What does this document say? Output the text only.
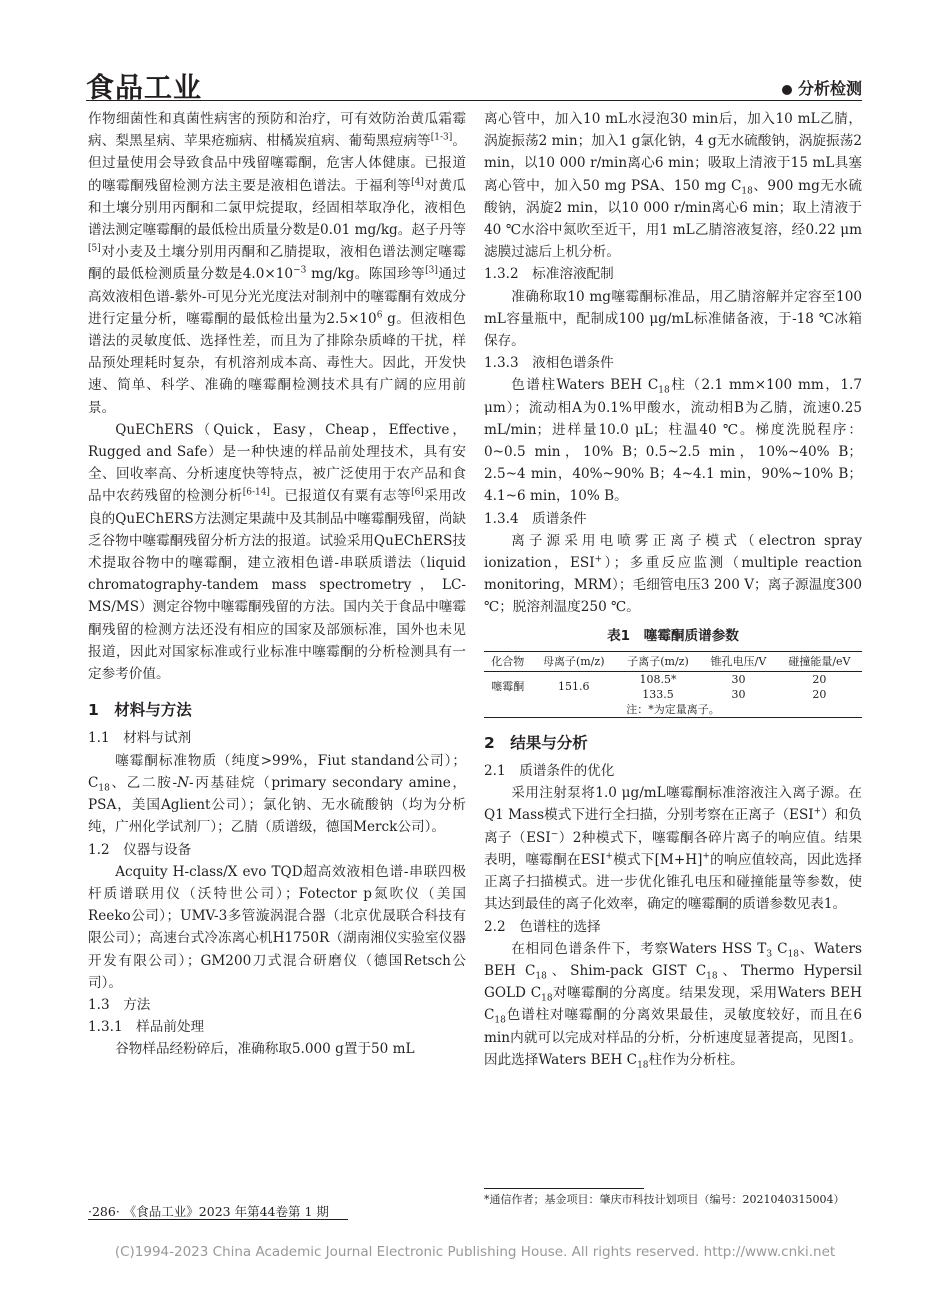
食品工业	分析检测

作物细菌性和真菌性病害的预防和治疗，可有效防治黄瓜霜霉病、梨黑星病、苹果疮痂病、柑橘炭疽病、葡萄黑痘病等[1-3]。但过量使用会导致食品中残留噻霉酮，危害人体健康。已报道的噻霉酮残留检测方法主要是液相色谱法。于福利等[4]对黄瓜和土壤分别用丙酮和二氯甲烷提取，经固相萃取净化，液相色谱法测定噻霉酮的最低检出质量分数是0.01 mg/kg。赵子丹等[5]对小麦及土壤分别用丙酮和乙腈提取，液相色谱法测定噻霉酮的最低检测质量分数是$4.0\times 10^{-3}$ mg/kg。陈国珍等[3]通过高效液相色谱-紫外-可见分光光度法对制剂中的噻霉酮有效成分进行定量分析，噻霉酮的最低检出量为$2.5\times 10^6$ g。但液相色谱法的灵敏度低、选择性差，而且为了排除杂质峰的干扰，样品预处理耗时复杂，有机溶剂成本高、毒性大。因此，开发快速、简单、科学、准确的噻霉酮检测技术具有广阔的应用前景。

QuEChERS（Quick，Easy，Cheap，Effective，Rugged and Safe）是一种快速的样品前处理技术，具有安全、回收率高、分析速度快等特点，被广泛使用于农产品和食品中农药残留的检测分析[6-14]。已报道仅有粟有志等[6]采用改良的QuEChERS方法测定果蔬中及其制品中噻霉酮残留，尚缺乏谷物中噻霉酮残留分析方法的报道。试验采用QuEChERS技术提取谷物中的噻霉酮，建立液相色谱-串联质谱法（liquid chromatography-tandem mass spectrometry，LC-MS/MS）测定谷物中噻霉酮残留的方法。国内关于食品中噻霉酮残留的检测方法还没有相应的国家及部颁标准，国外也未见报道，因此对国家标准或行业标准中噻霉酮的分析检测具有一定参考价值。

1　材料与方法
1.1　材料与试剂

噻霉酮标准物质（纯度>99%，Fiut standand公司）；$C_{18}$、乙二胺-N-丙基硅烷（primary secondary amine，PSA，美国Aglient公司）；氯化钠、无水硫酸钠（均为分析纯，广州化学试剂厂）；乙腈（质谱级，德国Merck公司）。

1.2　仪器与设备

Acquity H-class/X evo TQD超高效液相色谱-串联四极杆质谱联用仪（沃特世公司）；Fotector p氮吹仪（美国Reeko公司）；UMV-3多管漩涡混合器（北京优晟联合科技有限公司）；高速台式冷冻离心机H1750R（湖南湘仪实验室仪器开发有限公司）；GM200刀式混合研磨仪（德国Retsch公司）。

1.3　方法
1.3.1　样品前处理

谷物样品经粉碎后，准确称取5.000 g置于50 mL

离心管中，加入10 mL水浸泡30 min后，加入10 mL乙腈，涡旋振荡2 min；加入1 g氯化钠，4 g无水硫酸钠，涡旋振荡2 min，以10 000 r/min离心6 min；吸取上清液于15 mL具塞离心管中，加入50 mg PSA、150 mg $C_{18}$、900 mg无水硫酸钠，涡旋2 min，以10 000 r/min离心6 min；取上清液于40 ℃水浴中氮吹至近干，用1 mL乙腈溶液复溶，经0.22 μm滤膜过滤后上机分析。

1.3.2　标准溶液配制

准确称取10 mg噻霉酮标准品，用乙腈溶解并定容至100 mL容量瓶中，配制成100 μg/mL标准储备液，于-18 ℃冰箱保存。

1.3.3　液相色谱条件

色谱柱Waters BEH $C_{18}$柱（2.1 mm×100 mm，1.7 μm）；流动相A为0.1%甲酸水，流动相B为乙腈，流速0.25 mL/min；进样量10.0 μL；柱温40 ℃。梯度洗脱程序：0~0.5 min，10% B；0.5~2.5 min，10%~40% B；2.5~4 min，40%~90% B；4~4.1 min，90%~10% B；4.1~6 min，10% B。

1.3.4　质谱条件

离子源采用电喷雾正离子模式（electron spray ionization，ESI+）；多重反应监测（multiple reaction monitoring，MRM）；毛细管电压3 200 V；离子源温度300 ℃；脱溶剂温度250 ℃。

表1　噻霉酮质谱参数
化合物	母离子(m/z)	子离子(m/z)	锥孔电压/V	碰撞能量/eV
噻霉酮	151.6	108.5*	30	20
		133.5	30	20
注：*为定量离子。				
2　结果与分析
2.1　质谱条件的优化

采用注射泵将1.0 μg/mL噻霉酮标准溶液注入离子源。在Q1 Mass模式下进行全扫描，分别考察在正离子（ESI+）和负离子（ESI−）2种模式下，噻霉酮各碎片离子的响应值。结果表明，噻霉酮在ESI+模式下[M+H]+的响应值较高，因此选择正离子扫描模式。进一步优化锥孔电压和碰撞能量等参数，使其达到最佳的离子化效率，确定的噻霉酮的质谱参数见表1。

2.2　色谱柱的选择

在相同色谱条件下，考察Waters HSS $T_3$ $C_{18}$、Waters BEH $C_{18}$、Shim-pack GIST $C_{18}$、Thermo Hypersil GOLD $C_{18}$对噻霉酮的分离度。结果发现，采用Waters BEH $C_{18}$色谱柱对噻霉酮的分离效果最佳，灵敏度较好，而且在6 min内就可以完成对样品的分析，分析速度显著提高，见图1。因此选择Waters BEH $C_{18}$柱作为分析柱。

*通信作者；基金项目：肇庆市科技计划项目（编号：2021040315004）
·286· 《食品工业》2023 年第44卷第 1 期
(C)1994-2023 China Academic Journal Electronic Publishing House. All rights reserved. http://www.cnki.net
